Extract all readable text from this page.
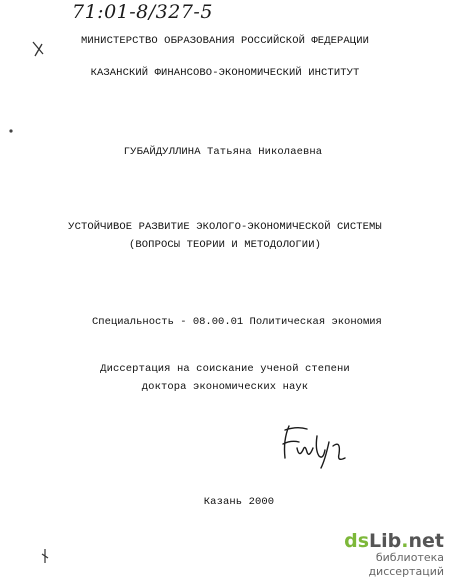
71:01-8/327-5
МИНИСТЕРСТВО ОБРАЗОВАНИЯ РОССИЙСКОЙ ФЕДЕРАЦИИ
КАЗАНСКИЙ ФИНАНСОВО-ЭКОНОМИЧЕСКИЙ ИНСТИТУТ
ГУБАЙДУЛЛИНА Татьяна Николаевна
УСТОЙЧИВОЕ РАЗВИТИЕ ЭКОЛОГО-ЭКОНОМИЧЕСКОЙ СИСТЕМЫ
(ВОПРОСЫ ТЕОРИИ И МЕТОДОЛОГИИ)
Специальность - 08.00.01 Политическая экономия
Диссертация на соискание ученой степени
доктора экономических наук
Казань 2000
dsLib.net
библиотека диссертаций
